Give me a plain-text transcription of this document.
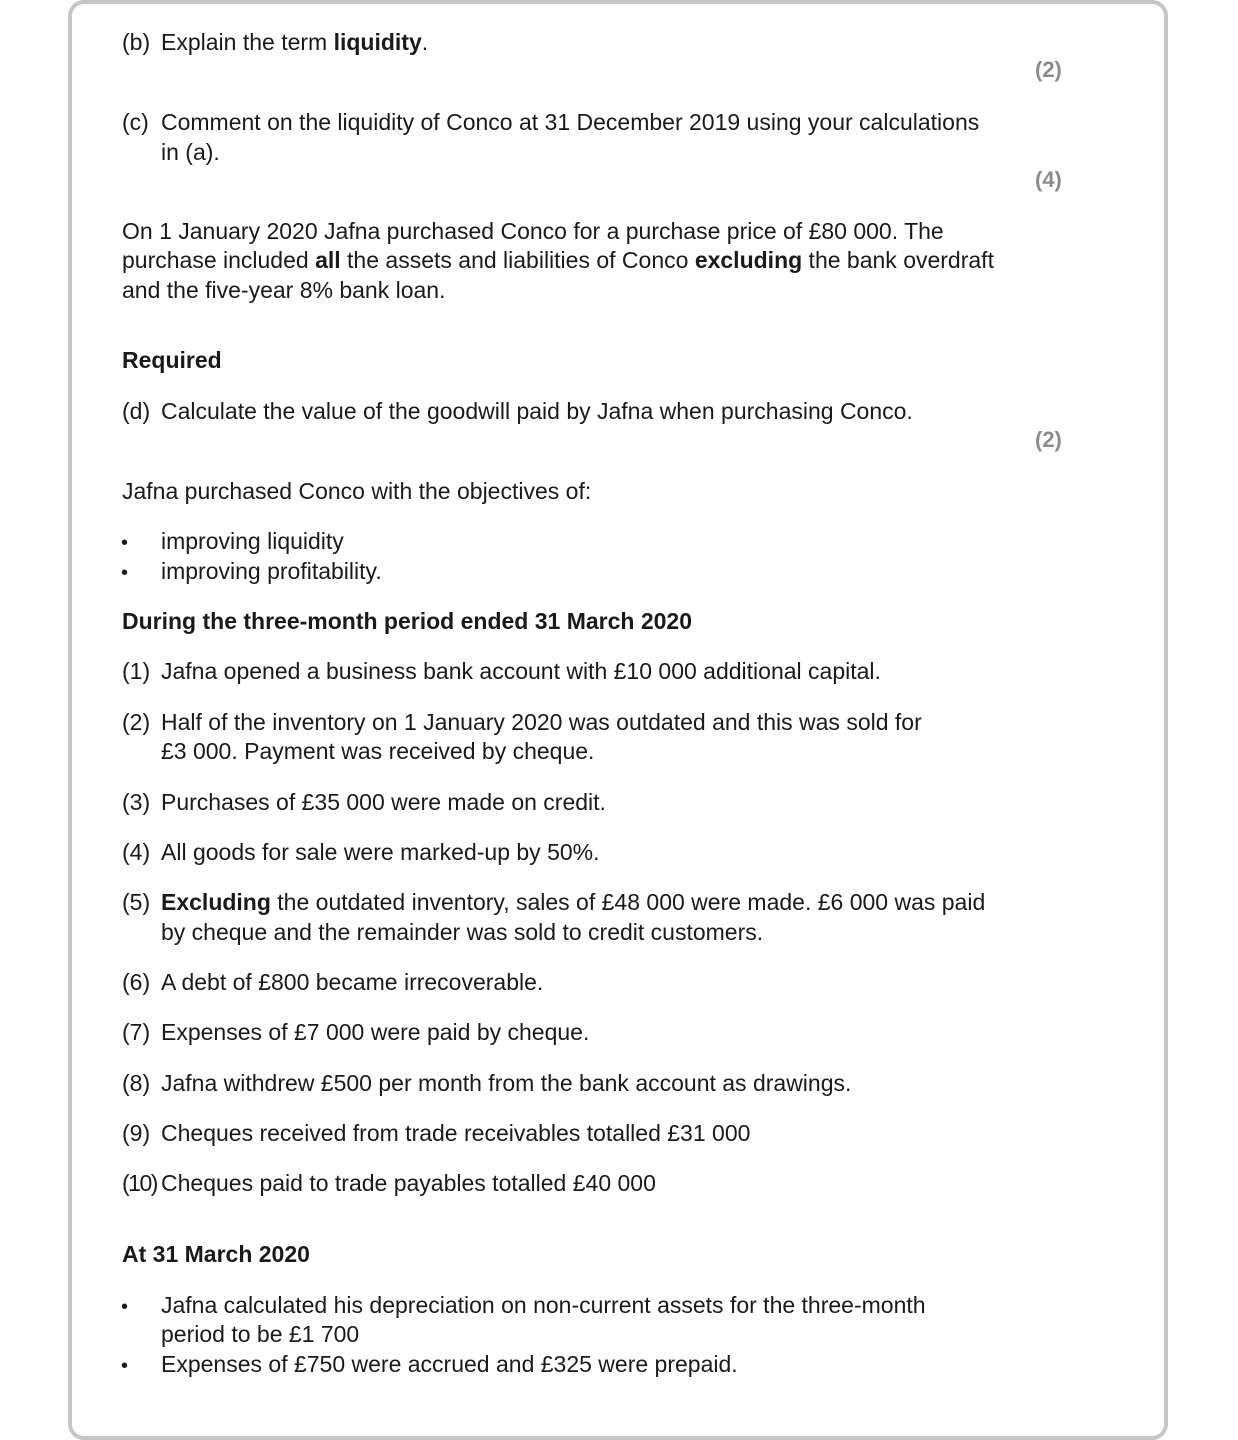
(b) Explain the term liquidity.
(2)
(c) Comment on the liquidity of Conco at 31 December 2019 using your calculations
in (a).
(4)
On 1 January 2020 Jafna purchased Conco for a purchase price of £80 000. The
purchase included all the assets and liabilities of Conco excluding the bank overdraft
and the five-year 8% bank loan.
Required
(d) Calculate the value of the goodwill paid by Jafna when purchasing Conco.
(2)
Jafna purchased Conco with the objectives of:
• improving liquidity
• improving profitability.
During the three-month period ended 31 March 2020
(1) Jafna opened a business bank account with £10 000 additional capital.
(2) Half of the inventory on 1 January 2020 was outdated and this was sold for
£3 000. Payment was received by cheque.
(3) Purchases of £35 000 were made on credit.
(4) All goods for sale were marked-up by 50%.
(5) Excluding the outdated inventory, sales of £48 000 were made. £6 000 was paid
by cheque and the remainder was sold to credit customers.
(6) A debt of £800 became irrecoverable.
(7) Expenses of £7 000 were paid by cheque.
(8) Jafna withdrew £500 per month from the bank account as drawings.
(9) Cheques received from trade receivables totalled £31 000
(10) Cheques paid to trade payables totalled £40 000
At 31 March 2020
• Jafna calculated his depreciation on non-current assets for the three-month
period to be £1 700
• Expenses of £750 were accrued and £325 were prepaid.
